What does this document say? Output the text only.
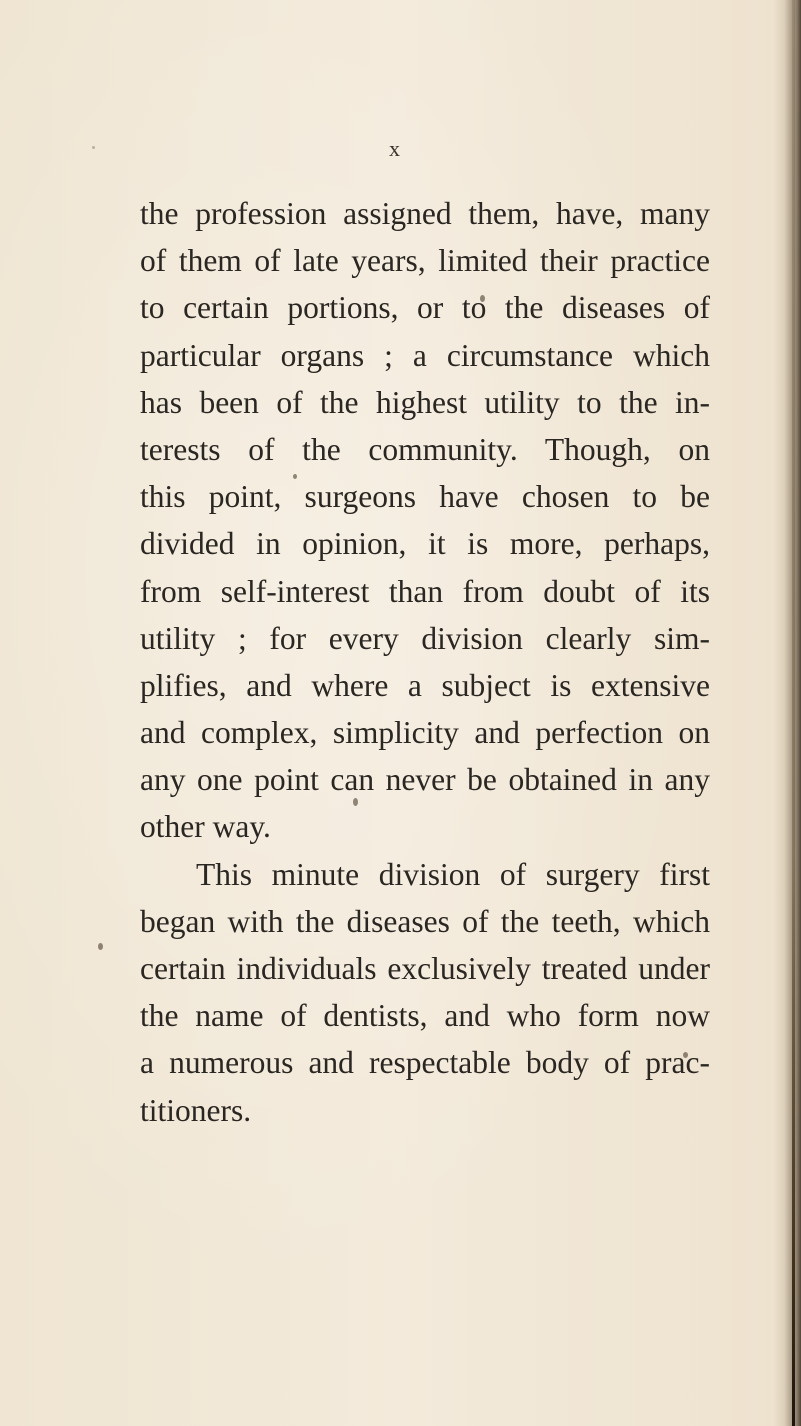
x
the profession assigned them, have, many
of them of late years, limited their practice
to certain portions, or to the diseases of
particular organs ; a circumstance which
has been of the highest utility to the in-
terests of the community. Though, on
this point, surgeons have chosen to be
divided in opinion, it is more, perhaps,
from self-interest than from doubt of its
utility ; for every division clearly sim-
plifies, and where a subject is extensive
and complex, simplicity and perfection on
any one point can never be obtained in any
other way.
This minute division of surgery first
began with the diseases of the teeth, which
certain individuals exclusively treated under
the name of dentists, and who form now
a numerous and respectable body of prac-
titioners.
